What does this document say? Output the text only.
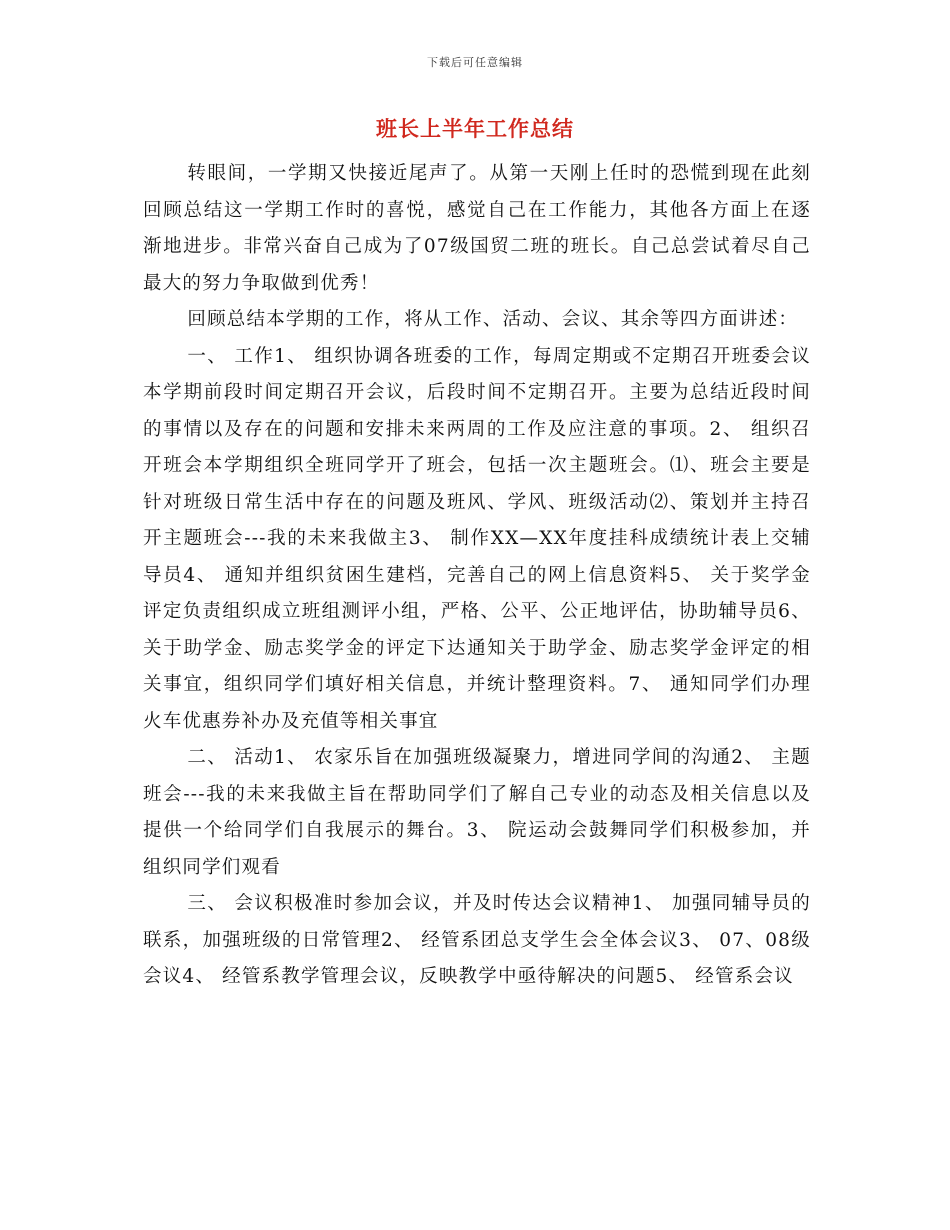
下载后可任意编辑
班长上半年工作总结

转眼间，一学期又快接近尾声了。从第一天刚上任时的恐慌到现在此刻回顾总结这一学期工作时的喜悦，感觉自己在工作能力，其他各方面上在逐渐地进步。非常兴奋自己成为了07级国贸二班的班长。自己总尝试着尽自己最大的努力争取做到优秀！

回顾总结本学期的工作，将从工作、活动、会议、其余等四方面讲述：

一、 工作1、 组织协调各班委的工作，每周定期或不定期召开班委会议本学期前段时间定期召开会议，后段时间不定期召开。主要为总结近段时间的事情以及存在的问题和安排未来两周的工作及应注意的事项。2、 组织召开班会本学期组织全班同学开了班会，包括一次主题班会。⑴、班会主要是针对班级日常生活中存在的问题及班风、学风、班级活动⑵、策划并主持召开主题班会---我的未来我做主3、 制作XX—XX年度挂科成绩统计表上交辅导员4、 通知并组织贫困生建档，完善自己的网上信息资料5、 关于奖学金评定负责组织成立班组测评小组，严格、公平、公正地评估，协助辅导员6、 关于助学金、励志奖学金的评定下达通知关于助学金、励志奖学金评定的相关事宜，组织同学们填好相关信息，并统计整理资料。7、 通知同学们办理火车优惠券补办及充值等相关事宜

二、 活动1、 农家乐旨在加强班级凝聚力，增进同学间的沟通2、 主题班会---我的未来我做主旨在帮助同学们了解自己专业的动态及相关信息以及提供一个给同学们自我展示的舞台。3、 院运动会鼓舞同学们积极参加，并组织同学们观看

三、 会议积极准时参加会议，并及时传达会议精神1、 加强同辅导员的联系，加强班级的日常管理2、 经管系团总支学生会全体会议3、 07、08级会议4、 经管系教学管理会议，反映教学中亟待解决的问题5、 经管系会议
